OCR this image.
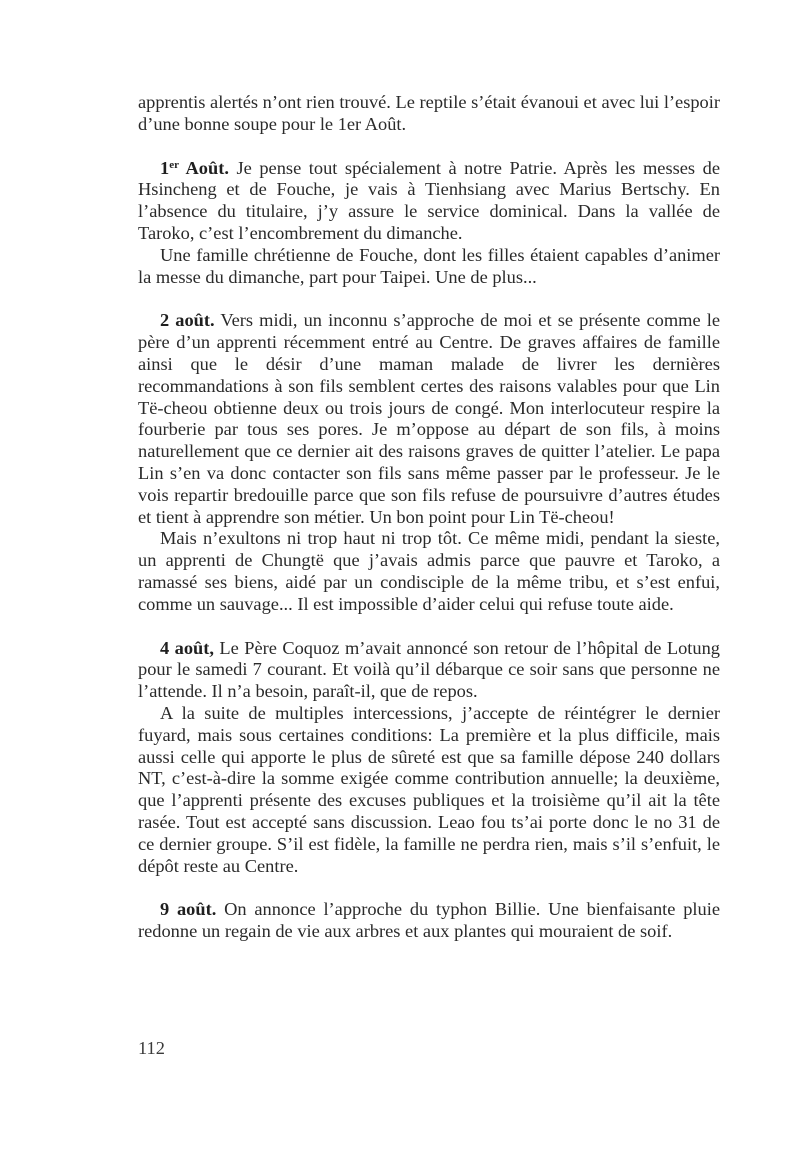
apprentis alertés n’ont rien trouvé. Le reptile s’était évanoui et avec lui l’espoir d’une bonne soupe pour le 1er Août.

1er Août. Je pense tout spécialement à notre Patrie. Après les messes de Hsincheng et de Fouche, je vais à Tienhsiang avec Marius Bertschy. En l’absence du titulaire, j’y assure le service dominical. Dans la vallée de Taroko, c’est l’encombrement du dimanche.

Une famille chrétienne de Fouche, dont les filles étaient capables d’animer la messe du dimanche, part pour Taipei. Une de plus...

2 août. Vers midi, un inconnu s’approche de moi et se présente comme le père d’un apprenti récemment entré au Centre. De graves affaires de famille ainsi que le désir d’une maman malade de livrer les dernières recommandations à son fils semblent certes des raisons valables pour que Lin Të-cheou obtienne deux ou trois jours de congé. Mon interlocuteur respire la fourberie par tous ses pores. Je m’oppose au départ de son fils, à moins naturellement que ce dernier ait des raisons graves de quitter l’atelier. Le papa Lin s’en va donc contacter son fils sans même passer par le professeur. Je le vois repartir bredouille parce que son fils refuse de poursuivre d’autres études et tient à apprendre son métier. Un bon point pour Lin Të-cheou!

Mais n’exultons ni trop haut ni trop tôt. Ce même midi, pendant la sieste, un apprenti de Chungtë que j’avais admis parce que pauvre et Taroko, a ramassé ses biens, aidé par un condisciple de la même tribu, et s’est enfui, comme un sauvage... Il est impossible d’aider celui qui refuse toute aide.

4 août, Le Père Coquoz m’avait annoncé son retour de l’hôpital de Lotung pour le samedi 7 courant. Et voilà qu’il débarque ce soir sans que personne ne l’attende. Il n’a besoin, paraît-il, que de repos.

A la suite de multiples intercessions, j’accepte de réintégrer le dernier fuyard, mais sous certaines conditions: La première et la plus difficile, mais aussi celle qui apporte le plus de sûreté est que sa famille dépose 240 dollars NT, c’est-à-dire la somme exigée comme contribution annuelle; la deuxième, que l’apprenti présente des excuses publiques et la troisième qu’il ait la tête rasée. Tout est accepté sans discussion. Leao fou ts’ai porte donc le no 31 de ce dernier groupe. S’il est fidèle, la famille ne perdra rien, mais s’il s’enfuit, le dépôt reste au Centre.

9 août. On annonce l’approche du typhon Billie. Une bienfaisante pluie redonne un regain de vie aux arbres et aux plantes qui mouraient de soif.

112
